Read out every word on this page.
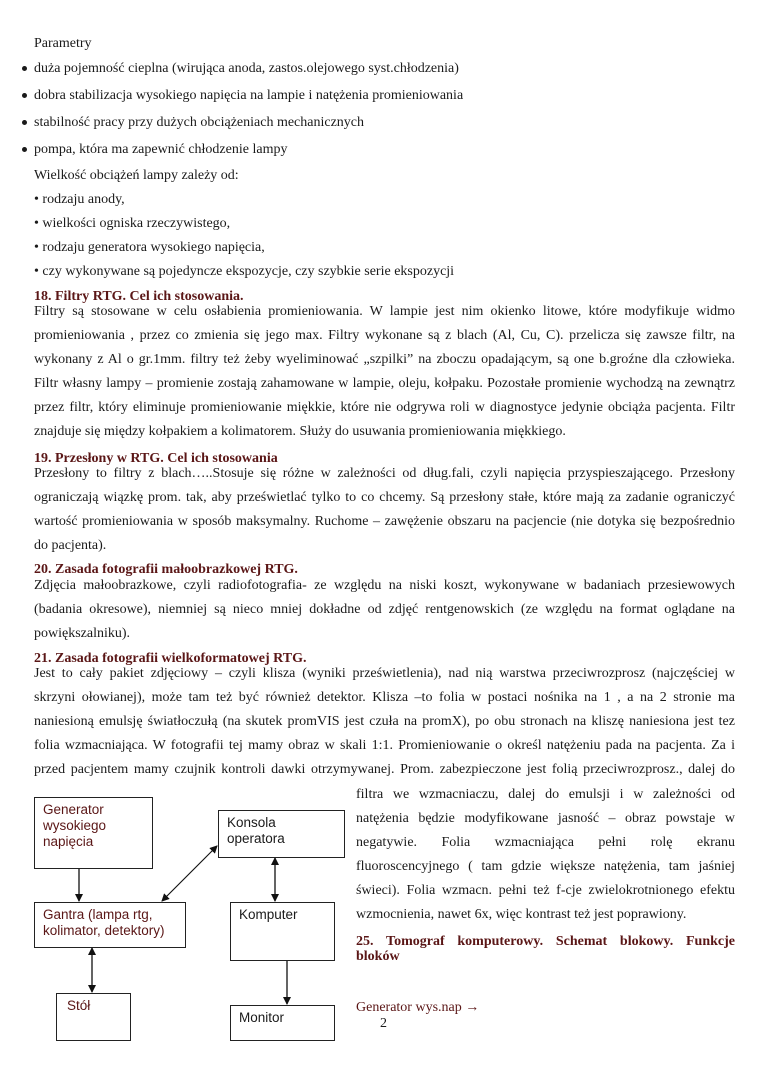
Parametry
duża pojemność cieplna (wirująca anoda, zastos.olejowego syst.chłodzenia)
dobra stabilizacja wysokiego napięcia na lampie i natężenia promieniowania
stabilność pracy przy dużych obciążeniach mechanicznych
pompa, która ma zapewnić chłodzenie lampy
Wielkość obciążeń lampy zależy od:
• rodzaju anody,
• wielkości ogniska rzeczywistego,
• rodzaju generatora wysokiego napięcia,
• czy wykonywane są pojedyncze ekspozycje, czy szybkie serie ekspozycji
18. Filtry RTG. Cel ich stosowania.
Filtry są stosowane w celu osłabienia promieniowania. W lampie jest nim okienko litowe, które modyfikuje widmo
promieniowania , przez co zmienia się jego max. Filtry wykonane są z blach (Al, Cu, C). przelicza się zawsze filtr, na
wykonany z Al o gr.1mm. filtry też żeby wyeliminować „szpilki” na zboczu opadającym, są one b.groźne dla człowieka.
Filtr własny lampy – promienie zostają zahamowane w lampie, oleju, kołpaku. Pozostałe promienie wychodzą na zewnątrz
przez filtr, który eliminuje promieniowanie miękkie, które nie odgrywa roli w diagnostyce jedynie obciąża pacjenta. Filtr
znajduje się między kołpakiem a kolimatorem. Służy do usuwania promieniowania miękkiego.
19. Przesłony w RTG. Cel ich stosowania
Przesłony to filtry z blach…..Stosuje się różne w zależności od dług.fali, czyli napięcia przyspieszającego. Przesłony
ograniczają wiązkę prom. tak, aby prześwietlać tylko to co chcemy. Są przesłony stałe, które mają za zadanie ograniczyć
wartość promieniowania w sposób maksymalny. Ruchome – zawężenie obszaru na pacjencie (nie dotyka się bezpośrednio
do pacjenta).
20. Zasada fotografii małoobrazkowej RTG.
Zdjęcia małoobrazkowe, czyli radiofotografia- ze względu na niski koszt, wykonywane w badaniach przesiewowych
(badania okresowe), niemniej są nieco mniej dokładne od zdjęć rentgenowskich (ze względu na format oglądane na
powiększalniku).
21. Zasada fotografii wielkoformatowej RTG.
Jest to cały pakiet zdjęciowy – czyli klisza (wyniki prześwietlenia), nad nią warstwa przeciwrozprosz (najczęściej w
skrzyni ołowianej), może tam też być również detektor. Klisza –to folia w postaci nośnika na 1 , a na 2 stronie ma
naniesioną emulsję światłoczułą (na skutek promVIS jest czuła na promX), po obu stronach na kliszę naniesiona jest tez
folia wzmacniająca. W fotografii tej mamy obraz w skali 1:1. Promieniowanie o określ natężeniu pada na pacjenta. Za i
przed pacjentem mamy czujnik kontroli dawki otrzymywanej. Prom. zabezpieczone jest folią przeciwrozprosz., dalej do
filtra we wzmacniaczu, dalej do emulsji i w zależności od
natężenia będzie modyfikowane jasność – obraz powstaje w
negatywie. Folia wzmacniająca pełni rolę ekranu
fluoroscencyjnego ( tam gdzie większe natężenia, tam jaśniej
świeci). Folia wzmacn. pełni też f-cje zwielokrotnionego efektu
wzmocnienia, nawet 6x, więc kontrast też jest poprawiony.
25. Tomograf komputerowy. Schemat blokowy. Funkcje
bloków
Generator wys.nap →
2
Generator
wysokiego
napięcia
Konsola
operatora
Gantra (lampa rtg,
kolimator, detektory)
Komputer
Stół
Monitor
